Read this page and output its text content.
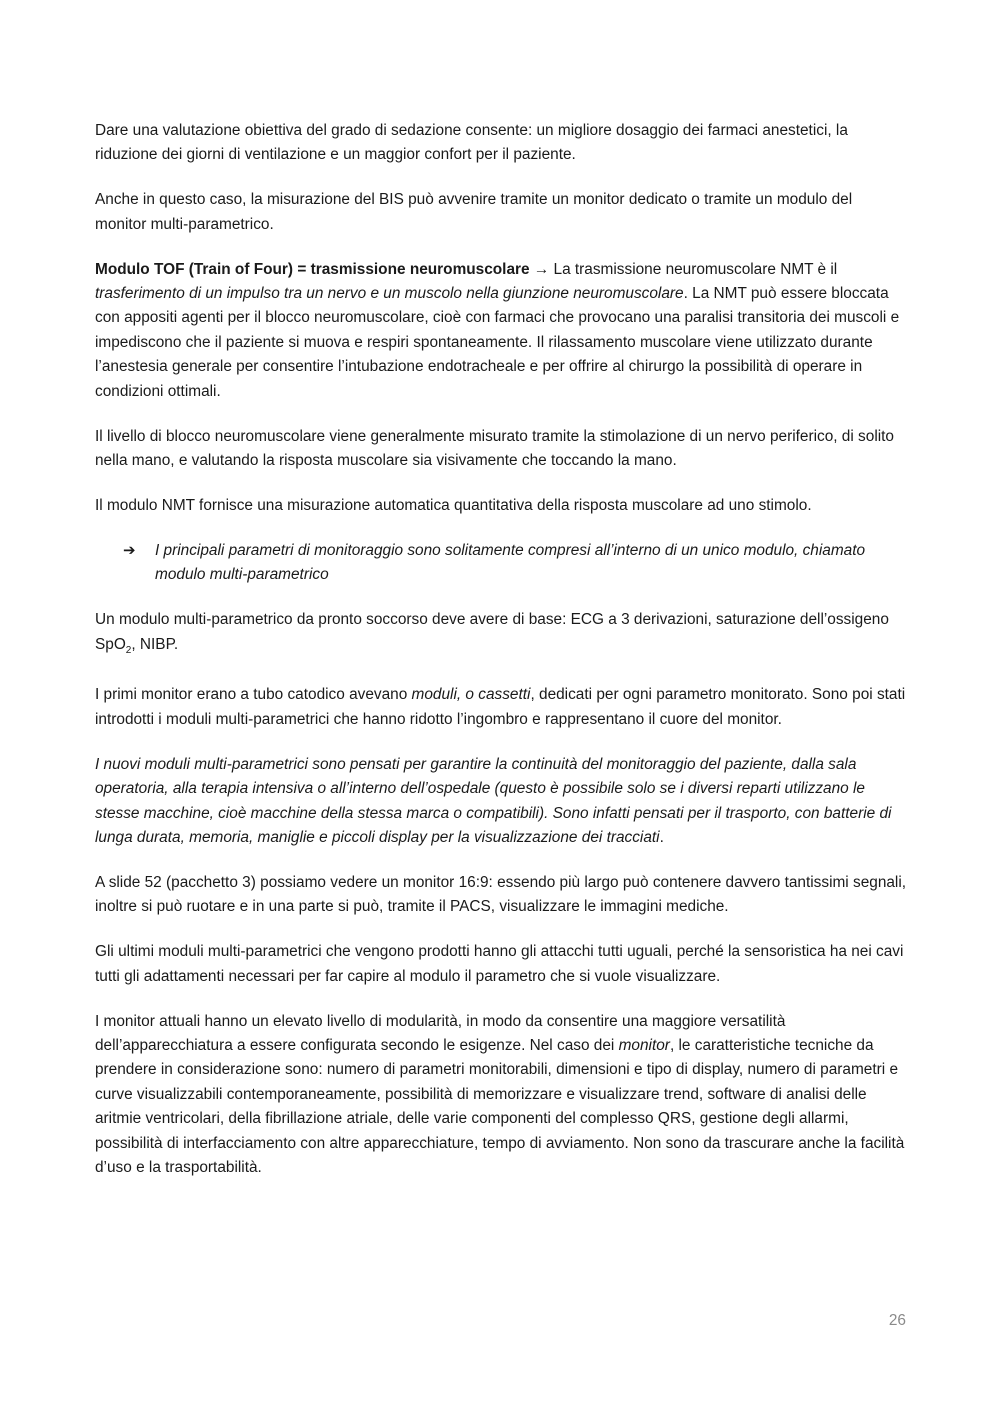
Dare una valutazione obiettiva del grado di sedazione consente: un migliore dosaggio dei farmaci anestetici, la riduzione dei giorni di ventilazione e un maggior confort per il paziente.

Anche in questo caso, la misurazione del BIS può avvenire tramite un monitor dedicato o tramite un modulo del monitor multi-parametrico.

Modulo TOF (Train of Four) = trasmissione neuromuscolare → La trasmissione neuromuscolare NMT è il trasferimento di un impulso tra un nervo e un muscolo nella giunzione neuromuscolare. La NMT può essere bloccata con appositi agenti per il blocco neuromuscolare, cioè con farmaci che provocano una paralisi transitoria dei muscoli e impediscono che il paziente si muova e respiri spontaneamente. Il rilassamento muscolare viene utilizzato durante l’anestesia generale per consentire l’intubazione endotracheale e per offrire al chirurgo la possibilità di operare in condizioni ottimali.

Il livello di blocco neuromuscolare viene generalmente misurato tramite la stimolazione di un nervo periferico, di solito nella mano, e valutando la risposta muscolare sia visivamente che toccando la mano.

Il modulo NMT fornisce una misurazione automatica quantitativa della risposta muscolare ad uno stimolo.

➔	I principali parametri di monitoraggio sono solitamente compresi all’interno di un unico modulo, chiamato modulo multi-parametrico

Un modulo multi-parametrico da pronto soccorso deve avere di base: ECG a 3 derivazioni, saturazione dell’ossigeno SpO$_2$, NIBP.

I primi monitor erano a tubo catodico avevano moduli, o cassetti, dedicati per ogni parametro monitorato. Sono poi stati introdotti i moduli multi-parametrici che hanno ridotto l’ingombro e rappresentano il cuore del monitor.

I nuovi moduli multi-parametrici sono pensati per garantire la continuità del monitoraggio del paziente, dalla sala operatoria, alla terapia intensiva o all’interno dell’ospedale (questo è possibile solo se i diversi reparti utilizzano le stesse macchine, cioè macchine della stessa marca o compatibili). Sono infatti pensati per il trasporto, con batterie di lunga durata, memoria, maniglie e piccoli display per la visualizzazione dei tracciati.

A slide 52 (pacchetto 3) possiamo vedere un monitor 16:9: essendo più largo può contenere davvero tantissimi segnali, inoltre si può ruotare e in una parte si può, tramite il PACS, visualizzare le immagini mediche.

Gli ultimi moduli multi-parametrici che vengono prodotti hanno gli attacchi tutti uguali, perché la sensoristica ha nei cavi tutti gli adattamenti necessari per far capire al modulo il parametro che si vuole visualizzare.

I monitor attuali hanno un elevato livello di modularità, in modo da consentire una maggiore versatilità dell’apparecchiatura a essere configurata secondo le esigenze. Nel caso dei monitor, le caratteristiche tecniche da prendere in considerazione sono: numero di parametri monitorabili, dimensioni e tipo di display, numero di parametri e curve visualizzabili contemporaneamente, possibilità di memorizzare e visualizzare trend, software di analisi delle aritmie ventricolari, della fibrillazione atriale, delle varie componenti del complesso QRS, gestione degli allarmi, possibilità di interfacciamento con altre apparecchiature, tempo di avviamento. Non sono da trascurare anche la facilità d’uso e la trasportabilità.

26
